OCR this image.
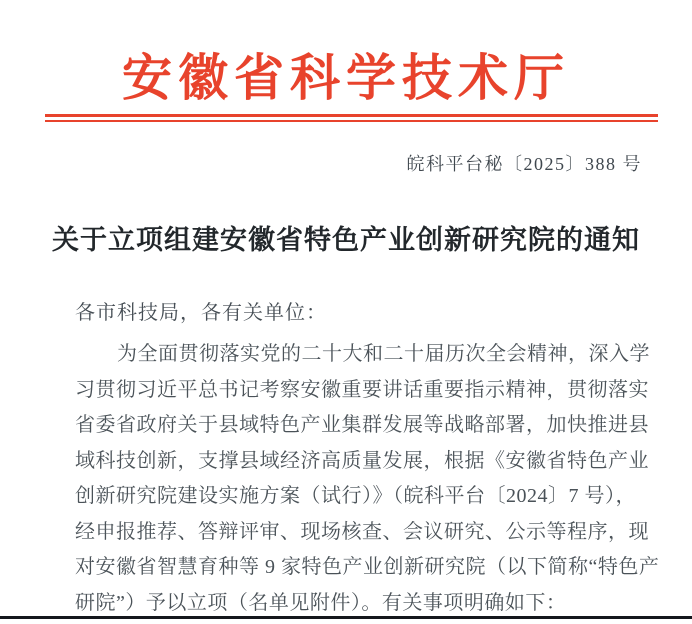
安徽省科学技术厅
皖科平台秘〔2025〕388 号
关于立项组建安徽省特色产业创新研究院的通知
各市科技局，各有关单位：
为全面贯彻落实党的二十大和二十届历次全会精神，深入学
习贯彻习近平总书记考察安徽重要讲话重要指示精神，贯彻落实
省委省政府关于县域特色产业集群发展等战略部署，加快推进县
域科技创新，支撑县域经济高质量发展，根据《安徽省特色产业
创新研究院建设实施方案（试行）》（皖科平台〔2024〕7 号），
经申报推荐、答辩评审、现场核查、会议研究、公示等程序，现
对安徽省智慧育种等 9 家特色产业创新研究院（以下简称“特色产
研院”）予以立项（名单见附件）。有关事项明确如下：
